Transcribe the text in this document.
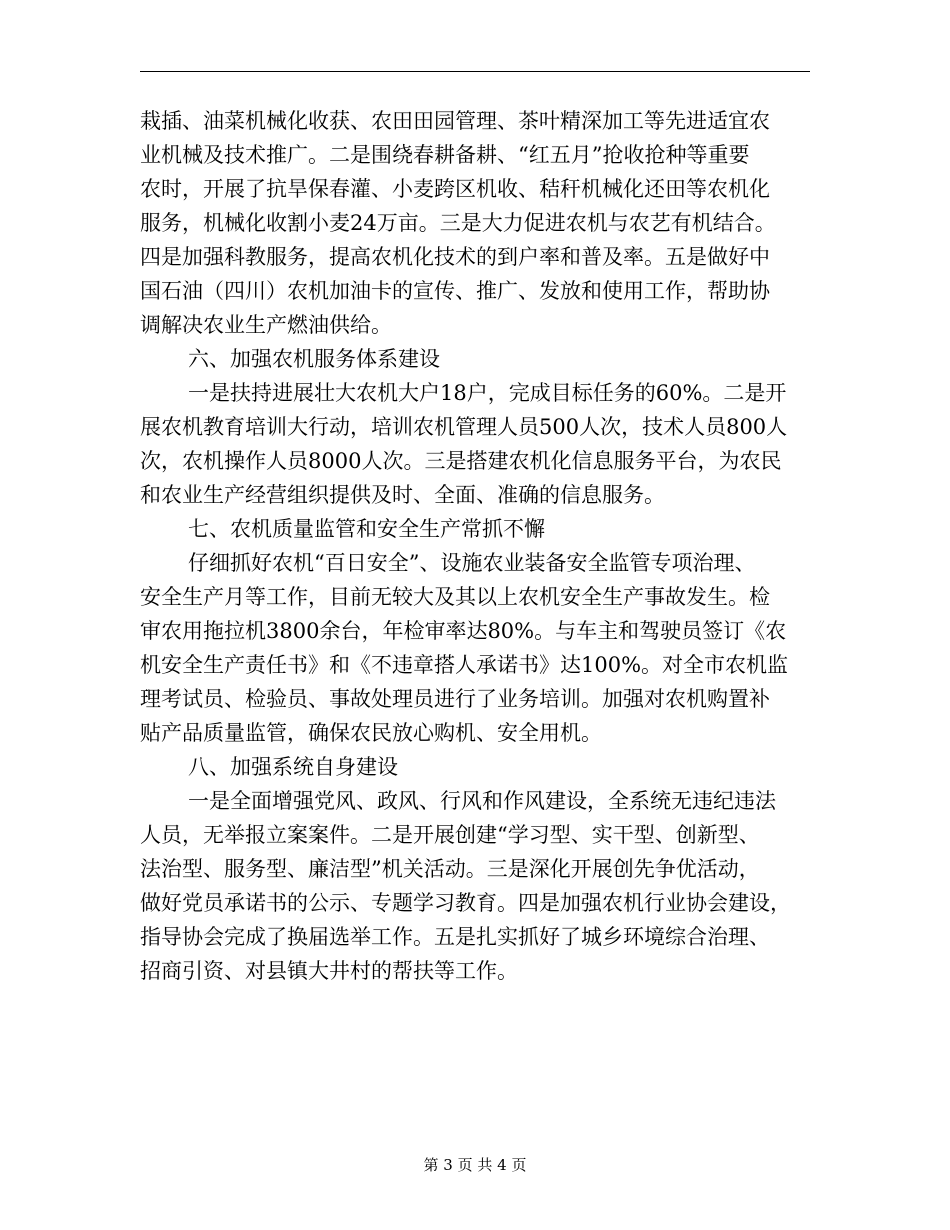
栽插、油菜机械化收获、农田田园管理、茶叶精深加工等先进适宜农
业机械及技术推广。二是围绕春耕备耕、“红五月”抢收抢种等重要
农时，开展了抗旱保春灌、小麦跨区机收、秸秆机械化还田等农机化
服务，机械化收割小麦24万亩。三是大力促进农机与农艺有机结合。
四是加强科教服务，提高农机化技术的到户率和普及率。五是做好中
国石油（四川）农机加油卡的宣传、推广、发放和使用工作，帮助协
调解决农业生产燃油供给。
六、加强农机服务体系建设
一是扶持进展壮大农机大户18户，完成目标任务的60%。二是开
展农机教育培训大行动，培训农机管理人员500人次，技术人员800人
次，农机操作人员8000人次。三是搭建农机化信息服务平台，为农民
和农业生产经营组织提供及时、全面、准确的信息服务。
七、农机质量监管和安全生产常抓不懈
仔细抓好农机“百日安全”、设施农业装备安全监管专项治理、
安全生产月等工作，目前无较大及其以上农机安全生产事故发生。检
审农用拖拉机3800余台，年检审率达80%。与车主和驾驶员签订《农
机安全生产责任书》和《不违章搭人承诺书》达100%。对全市农机监
理考试员、检验员、事故处理员进行了业务培训。加强对农机购置补
贴产品质量监管，确保农民放心购机、安全用机。
八、加强系统自身建设
一是全面增强党风、政风、行风和作风建设，全系统无违纪违法
人员，无举报立案案件。二是开展创建“学习型、实干型、创新型、
法治型、服务型、廉洁型”机关活动。三是深化开展创先争优活动，
做好党员承诺书的公示、专题学习教育。四是加强农机行业协会建设，
指导协会完成了换届选举工作。五是扎实抓好了城乡环境综合治理、
招商引资、对县镇大井村的帮扶等工作。
第 3 页 共 4 页
